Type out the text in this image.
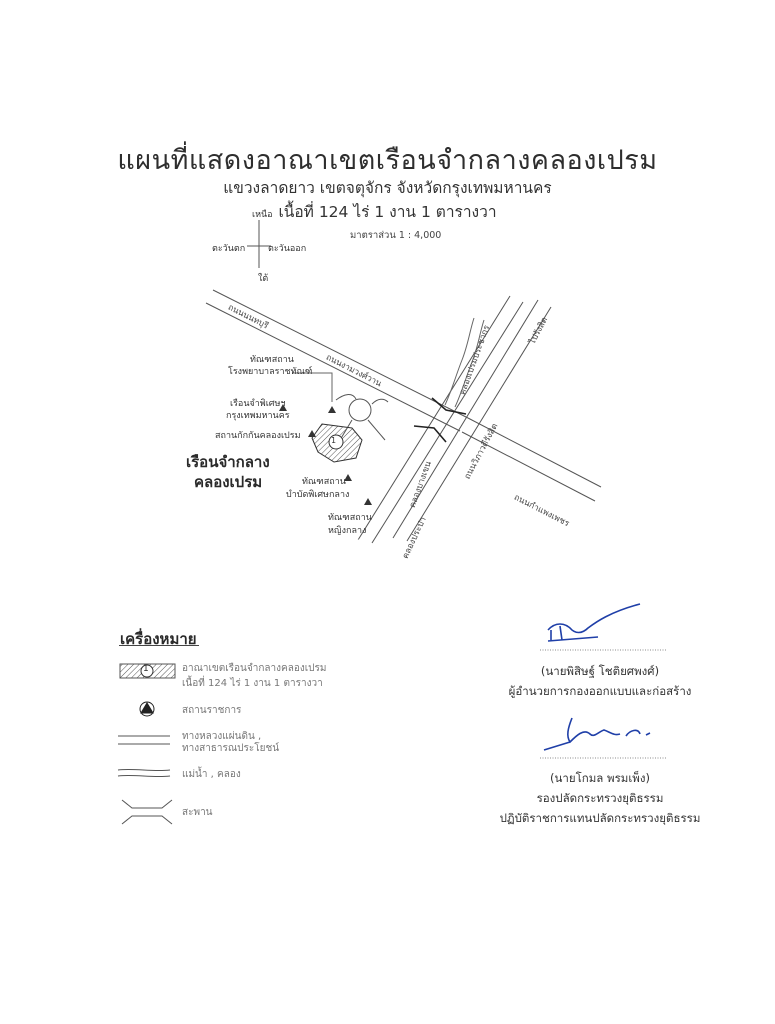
แผนที่แสดงอาณาเขตเรือนจำกลางคลองเปรม
แขวงลาดยาว เขตจตุจักร จังหวัดกรุงเทพมหานคร
เนื้อที่ 124 ไร่ 1 งาน 1 ตารางวา
มาตราส่วน 1 : 4,000
เหนือ
ตะวันตก	ตะวันออก
ใต้
ถนนนนทบุรี
ถนนงามวงศ์วาน
ถนนกำแพงเพชร
ถนนวิภาวดีรังสิต
ไปรังสิต
คลองเปรมประชากร
คลองบางเขน
คลองประปา
ทัณฑสถาน
โรงพยาบาลราชทัณฑ์
เรือนจำพิเศษฯ
กรุงเทพมหานคร
สถานกักกันคลองเปรม	1
ทัณฑสถาน
บำบัดพิเศษกลาง
ทัณฑสถาน
หญิงกลาง
เรือนจำกลาง
คลองเปรม
เครื่องหมาย
อาณาเขตเรือนจำกลางคลองเปรม
เนื้อที่ 124 ไร่ 1 งาน 1 ตารางวา
1
สถานราชการ
ทางหลวงแผ่นดิน ,
ทางสาธารณประโยชน์
แม่น้ำ , คลอง
สะพาน
(นายพิสิษฐ์ โชติยศพงศ์)
ผู้อำนวยการกองออกแบบและก่อสร้าง
(นายโกมล พรมเพ็ง)
รองปลัดกระทรวงยุติธรรม
ปฏิบัติราชการแทนปลัดกระทรวงยุติธรรม
